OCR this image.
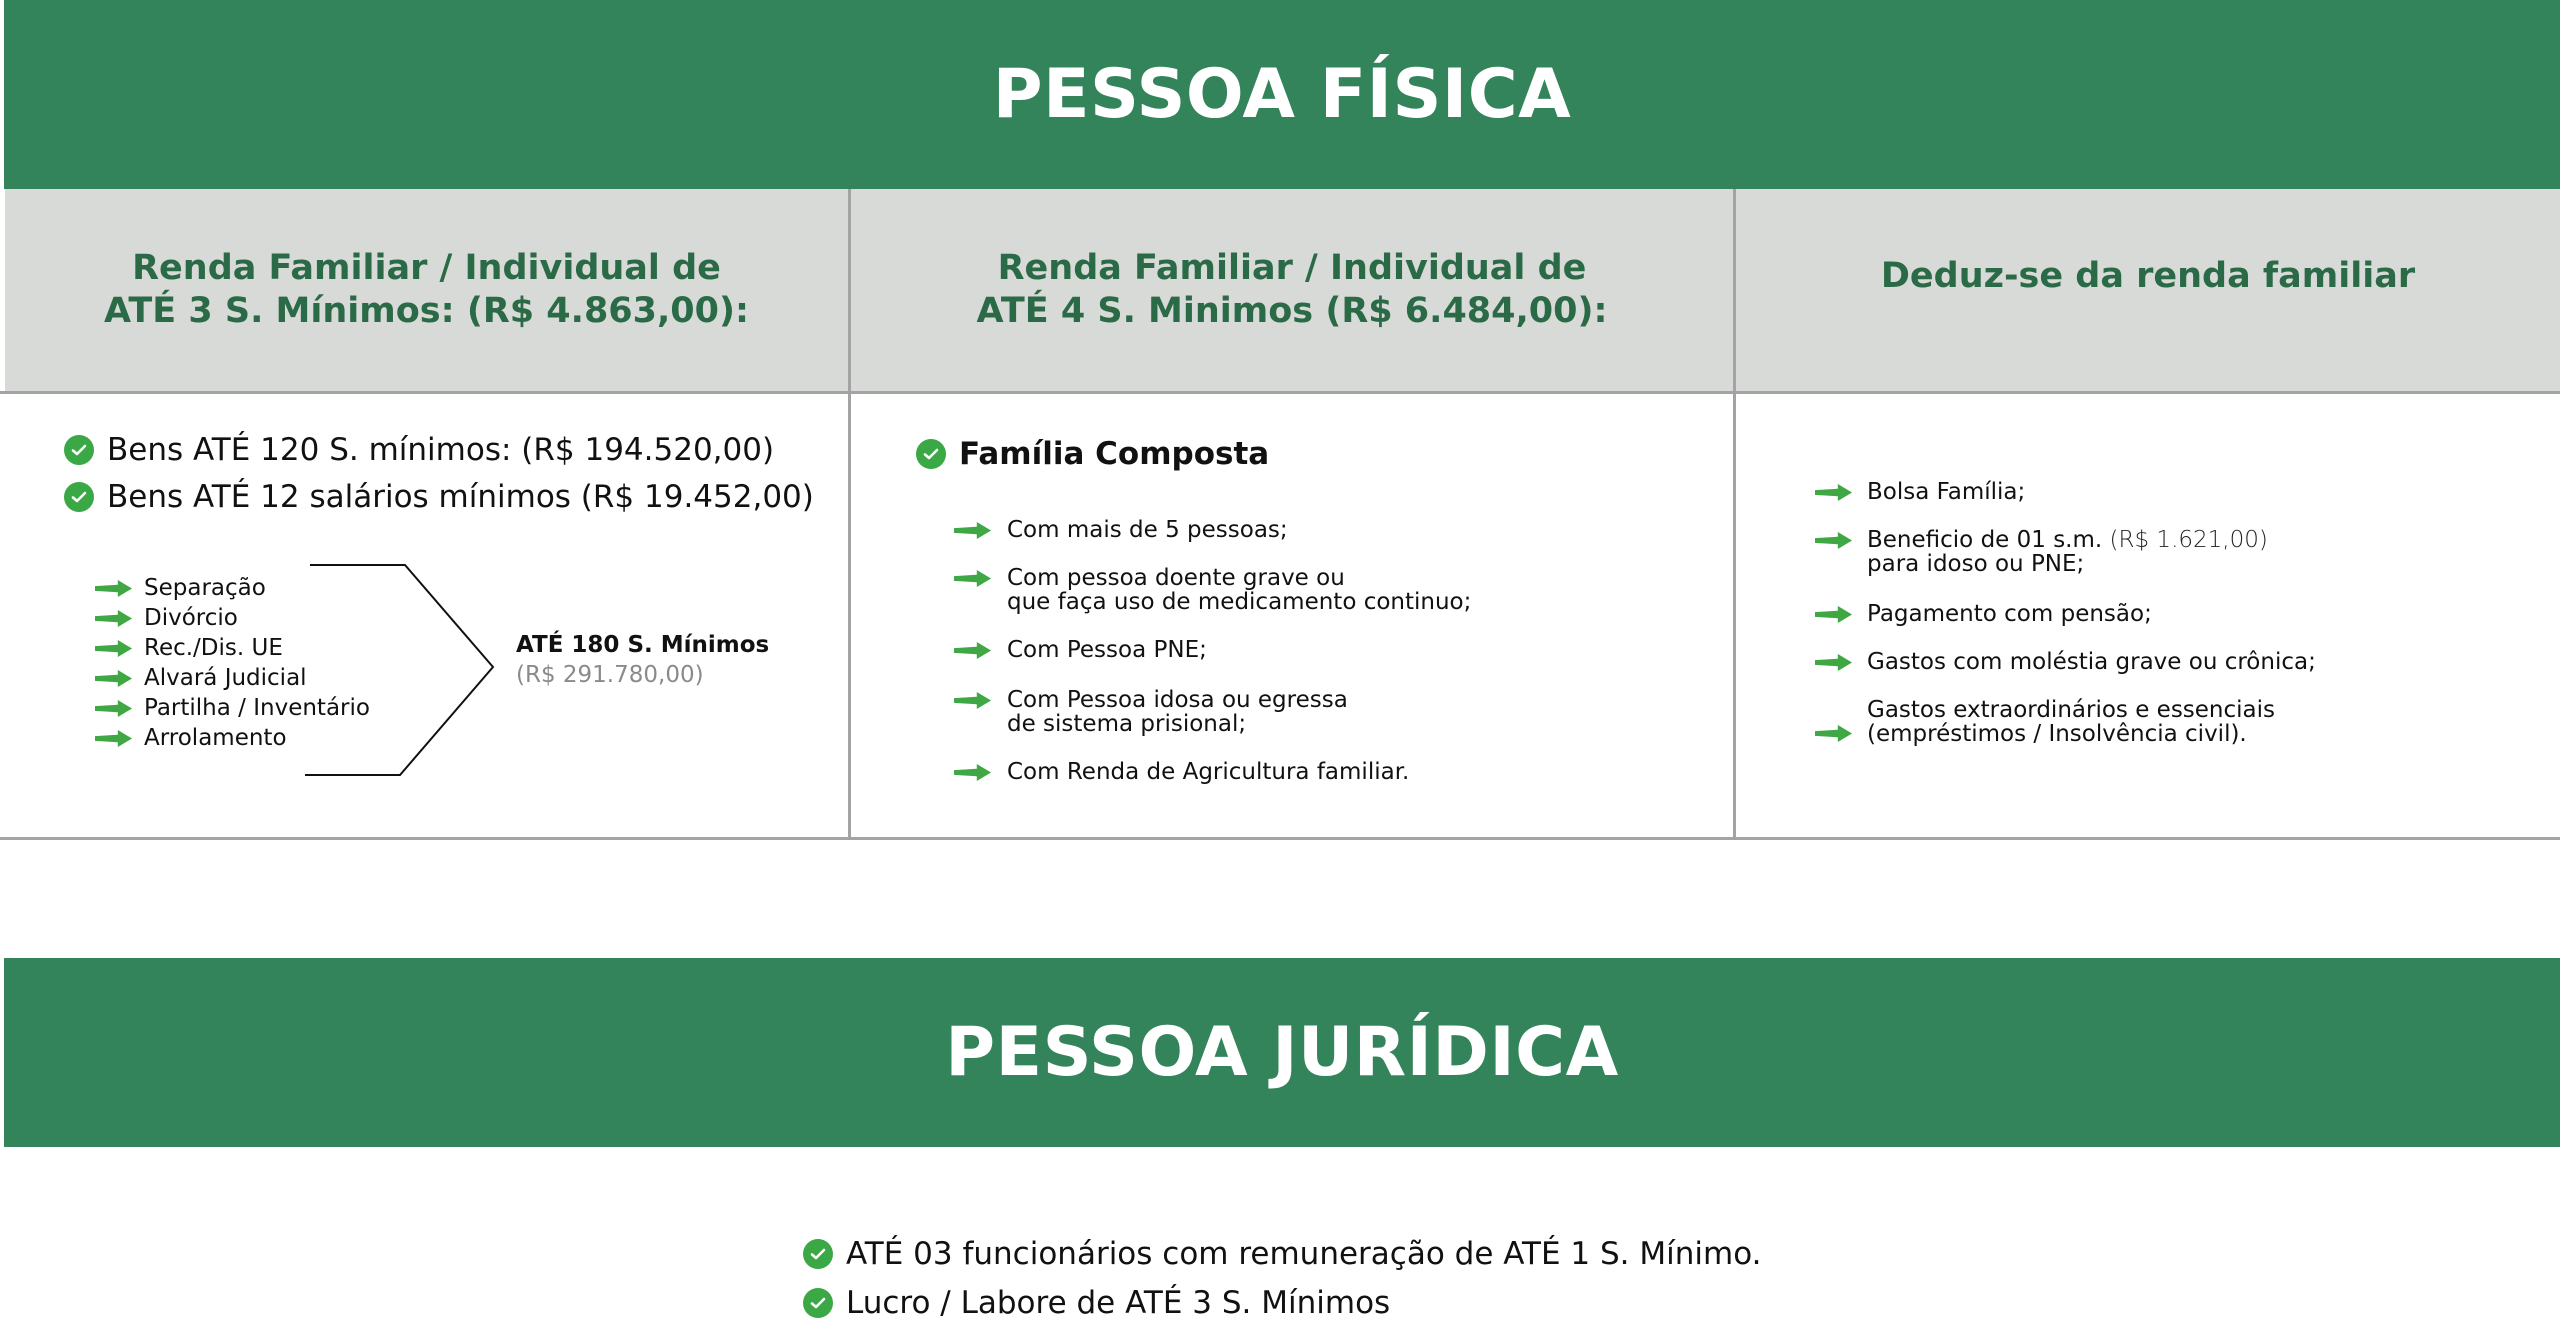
PESSOA FÍSICA
Renda Familiar / Individual de
ATÉ 3 S. Mínimos: (R$ 4.863,00):
Renda Familiar / Individual de
ATÉ 4 S. Minimos (R$ 6.484,00):
Deduz-se da renda familiar
Bens ATÉ 120 S. mínimos: (R$ 194.520,00)
Bens ATÉ 12 salários mínimos (R$ 19.452,00)
Separação
Divórcio
Rec./Dis. UE
Alvará Judicial
Partilha / Inventário
Arrolamento
ATÉ 180 S. Mínimos
(R$ 291.780,00)
Família Composta
Com mais de 5 pessoas;
Com pessoa doente grave ou
que faça uso de medicamento continuo;
Com Pessoa PNE;
Com Pessoa idosa ou egressa
de sistema prisional;
Com Renda de Agricultura familiar.
Bolsa Família;
Beneficio de 01 s.m. (R$ 1.621,00)
para idoso ou PNE;
Pagamento com pensão;
Gastos com moléstia grave ou crônica;
Gastos extraordinários e essenciais
(empréstimos / Insolvência civil).
PESSOA JURÍDICA
ATÉ 03 funcionários com remuneração de ATÉ 1 S. Mínimo.
Lucro / Labore de ATÉ 3 S. Mínimos
